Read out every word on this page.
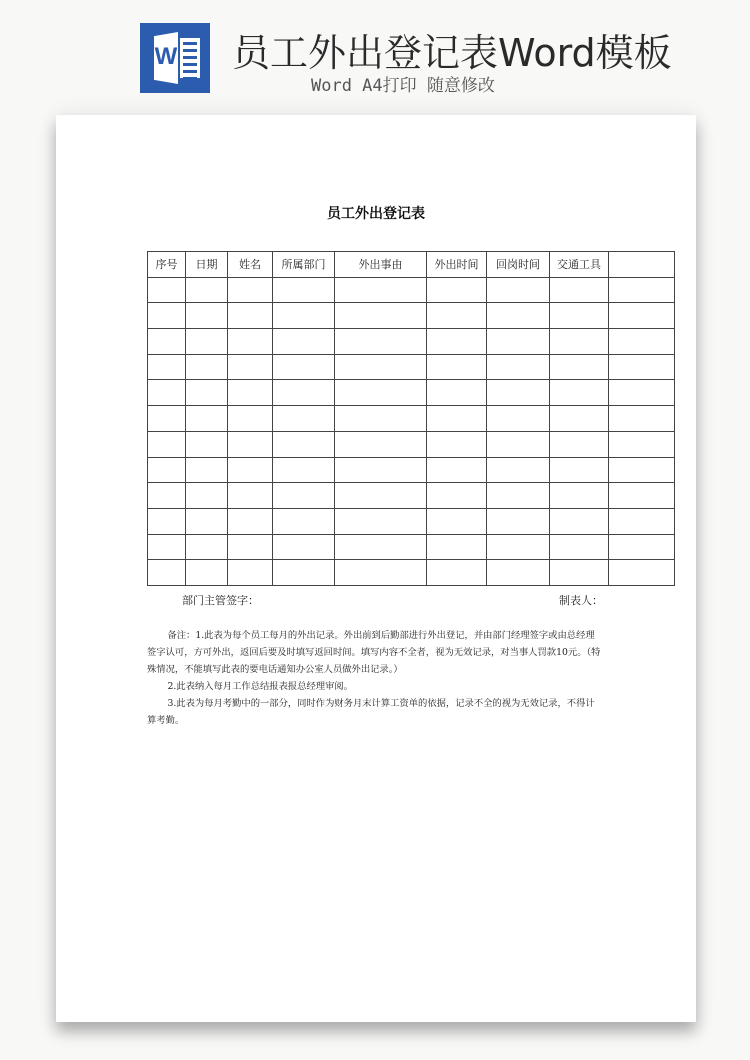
W 员工外出登记表Word模板
Word A4打印 随意修改
员工外出登记表
序号	日期	姓名	所属部门	外出事由	外出时间	回岗时间	交通工具	

部门主管签字：	制表人：

备注：1.此表为每个员工每月的外出记录。外出前到后勤部进行外出登记，并由部门经理签字或由总经理签字认可，方可外出，返回后要及时填写返回时间。填写内容不全者，视为无效记录，对当事人罚款10元。（特殊情况，不能填写此表的要电话通知办公室人员做外出记录。）

2.此表纳入每月工作总结报表报总经理审阅。

3.此表为每月考勤中的一部分，同时作为财务月末计算工资单的依据，记录不全的视为无效记录，不得计算考勤。
